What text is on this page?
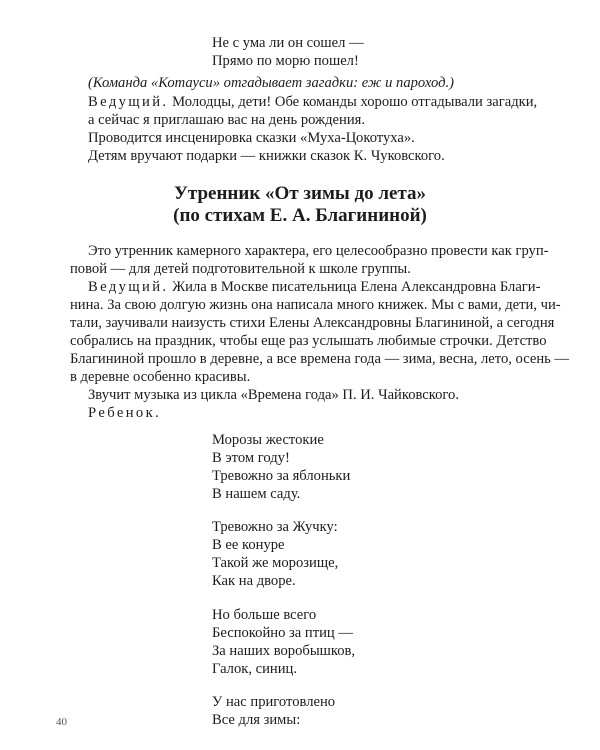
Не с ума ли он сошел —
Прямо по морю пошел!
(Команда «Котауси» отгадывает загадки: еж и пароход.)
Ведущий. Молодцы, дети! Обе команды хорошо отгадывали загадки,
а сейчас я приглашаю вас на день рождения.
Проводится инсценировка сказки «Муха-Цокотуха».
Детям вручают подарки — книжки сказок К. Чуковского.
Утренник «От зимы до лета»
(по стихам Е. А. Благининой)
Это утренник камерного характера, его целесообразно провести как груп-
повой — для детей подготовительной к школе группы.
Ведущий. Жила в Москве писательница Елена Александровна Благи-
нина. За свою долгую жизнь она написала много книжек. Мы с вами, дети, чи-
тали, заучивали наизусть стихи Елены Александровны Благининой, а сегодня
собрались на праздник, чтобы еще раз услышать любимые строчки. Детство
Благининой прошло в деревне, а все времена года — зима, весна, лето, осень —
в деревне особенно красивы.
Звучит музыка из цикла «Времена года» П. И. Чайковского.
Ребенок.
Морозы жестокие
В этом году!
Тревожно за яблоньки
В нашем саду.
Тревожно за Жучку:
В ее конуре
Такой же морозище,
Как на дворе.
Но больше всего
Беспокойно за птиц —
За наших воробышков,
Галок, синиц.
У нас приготовлено
Все для зимы:
40
